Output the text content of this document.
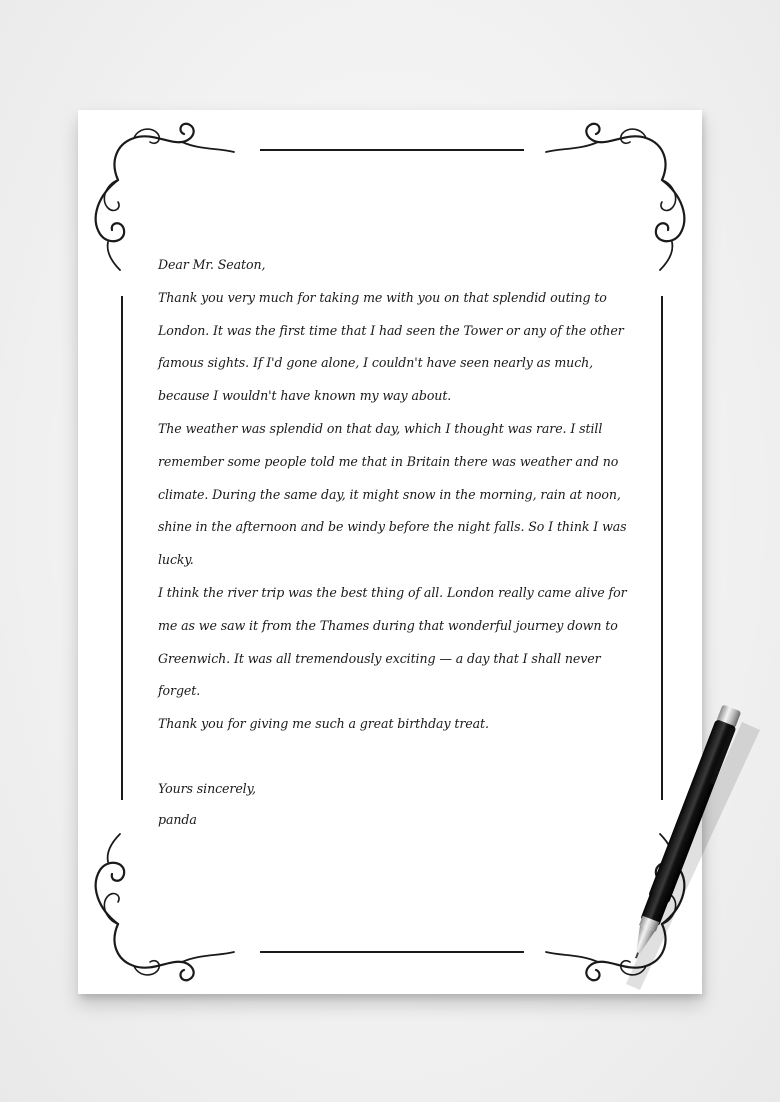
Dear Mr. Seaton,

Thank you very much for taking me with you on that splendid outing to London. It was the first time that I had seen the Tower or any of the other famous sights. If I'd gone alone, I couldn't have seen nearly as much, because I wouldn't have known my way about.

The weather was splendid on that day, which I thought was rare. I still remember some people told me that in Britain there was weather and no climate. During the same day, it might snow in the morning, rain at noon, shine in the afternoon and be windy before the night falls. So I think I was lucky.

I think the river trip was the best thing of all. London really came alive for me as we saw it from the Thames during that wonderful journey down to Greenwich. It was all tremendously exciting — a day that I shall never forget.

Thank you for giving me such a great birthday treat.

Yours sincerely,

panda
